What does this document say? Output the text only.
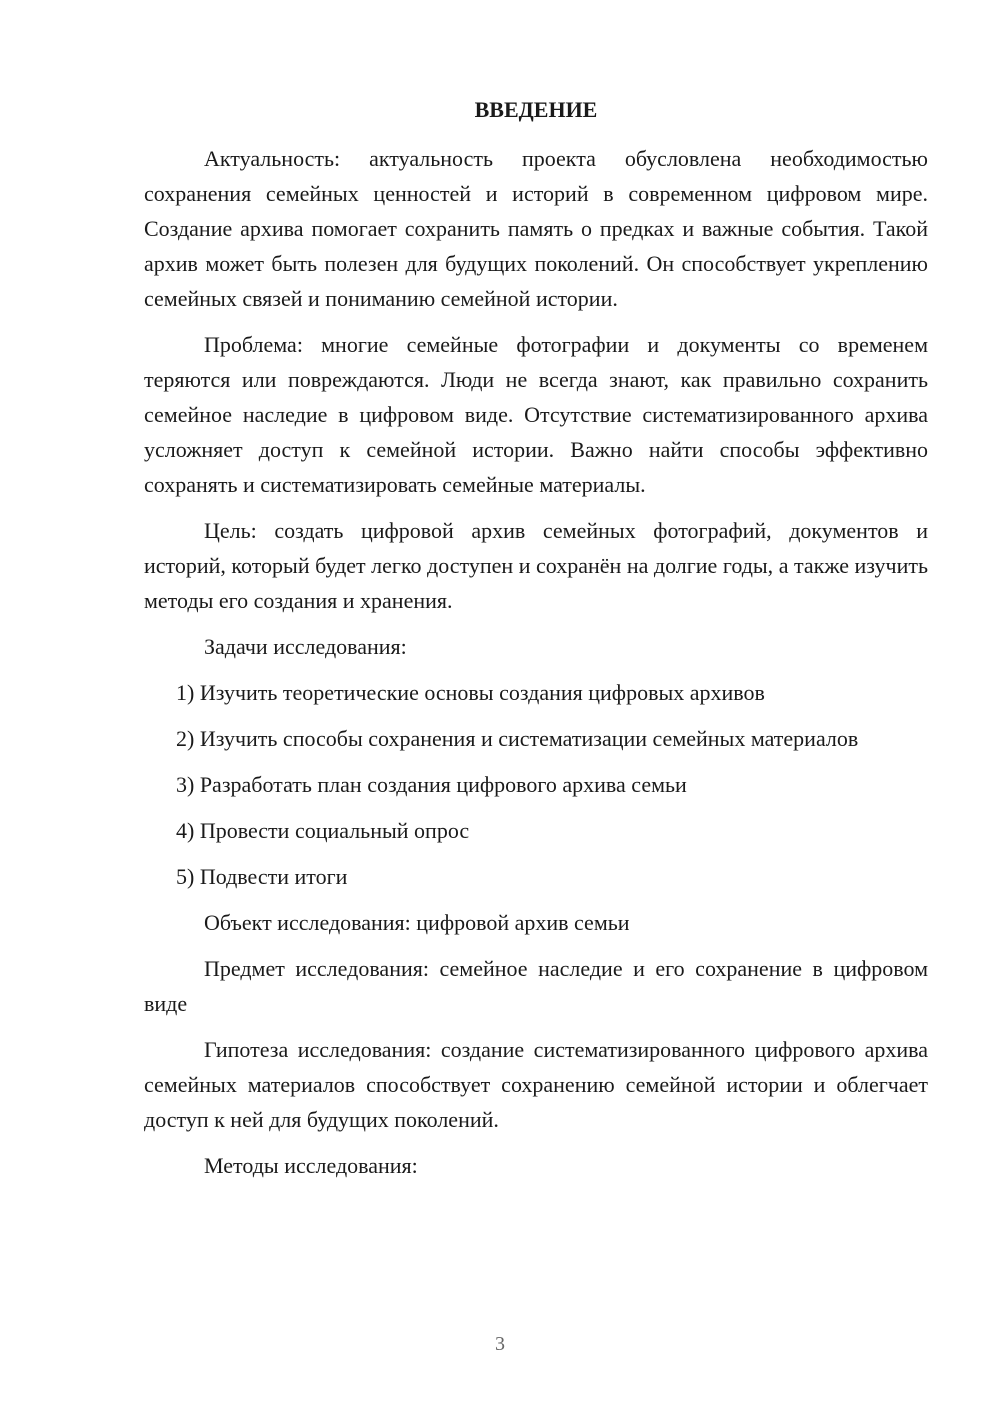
ВВЕДЕНИЕ
Актуальность: актуальность проекта обусловлена необходимостью сохранения семейных ценностей и историй в современном цифровом мире. Создание архива помогает сохранить память о предках и важные события. Такой архив может быть полезен для будущих поколений. Он способствует укреплению семейных связей и пониманию семейной истории.
Проблема: многие семейные фотографии и документы со временем теряются или повреждаются. Люди не всегда знают, как правильно сохранить семейное наследие в цифровом виде. Отсутствие систематизированного архива усложняет доступ к семейной истории. Важно найти способы эффективно сохранять и систематизировать семейные материалы.
Цель: создать цифровой архив семейных фотографий, документов и историй, который будет легко доступен и сохранён на долгие годы, а также изучить методы его создания и хранения.
Задачи исследования:
1) Изучить теоретические основы создания цифровых архивов
2) Изучить способы сохранения и систематизации семейных материалов
3) Разработать план создания цифрового архива семьи
4) Провести социальный опрос
5) Подвести итоги
Объект исследования: цифровой архив семьи
Предмет исследования: семейное наследие и его сохранение в цифровом виде
Гипотеза исследования: создание систематизированного цифрового архива семейных материалов способствует сохранению семейной истории и облегчает доступ к ней для будущих поколений.
Методы исследования:
3
